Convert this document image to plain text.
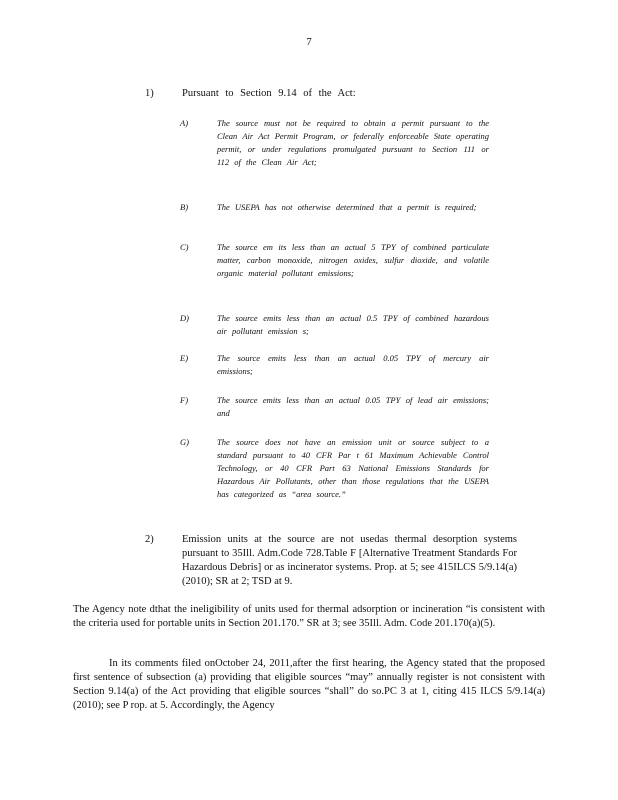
7
1)	Pursuant to Section 9.14 of the Act:
A)	The source must not be required to obtain a permit pursuant to the Clean Air Act Permit Program, or federally enforceable State operating permit, or under regulations promulgated pursuant to Section 111 or 112 of the Clean Air Act;
B)	The USEPA has not otherwise determined that a permit is required;
C)	The source em its less than an actual 5 TPY of combined particulate matter, carbon monoxide, nitrogen oxides, sulfur dioxide, and volatile organic material pollutant emissions;
D)	The source emits less than an actual 0.5 TPY of combined hazardous air pollutant emission s;
E)	The source emits less than an actual 0.05 TPY of mercury air emissions;
F)	The source emits less than an actual 0.05 TPY of lead air emissions; and
G)	The source does not have an emission unit or source subject to a standard pursuant to 40 CFR Par t 61 Maximum Achievable Control Technology, or 40 CFR Part 63 National Emissions Standards for Hazardous Air Pollutants, other than those regulations that the USEPA has categorized as “area source.”
2)	Emission units at the source are not usedas thermal desorption systems pursuant to 35Ill. Adm.Code 728.Table F [Alternative Treatment Standards For Hazardous Debris] or as incinerator systems. Prop. at 5; see 415ILCS 5/9.14(a) (2010); SR at 2; TSD at 9.
The Agency note dthat the ineligibility of units used for thermal adsorption or incineration “is consistent with the criteria used for portable units in Section 201.170.” SR at 3; see 35Ill. Adm. Code 201.170(a)(5).
In its comments filed onOctober 24, 2011,after the first hearing, the Agency stated that the proposed first sentence of subsection (a) providing that eligible sources “may” annually register is not consistent with Section 9.14(a) of the Act providing that eligible sources “shall” do so.PC 3 at 1, citing 415 ILCS 5/9.14(a) (2010); see P rop. at 5. Accordingly, the Agency
